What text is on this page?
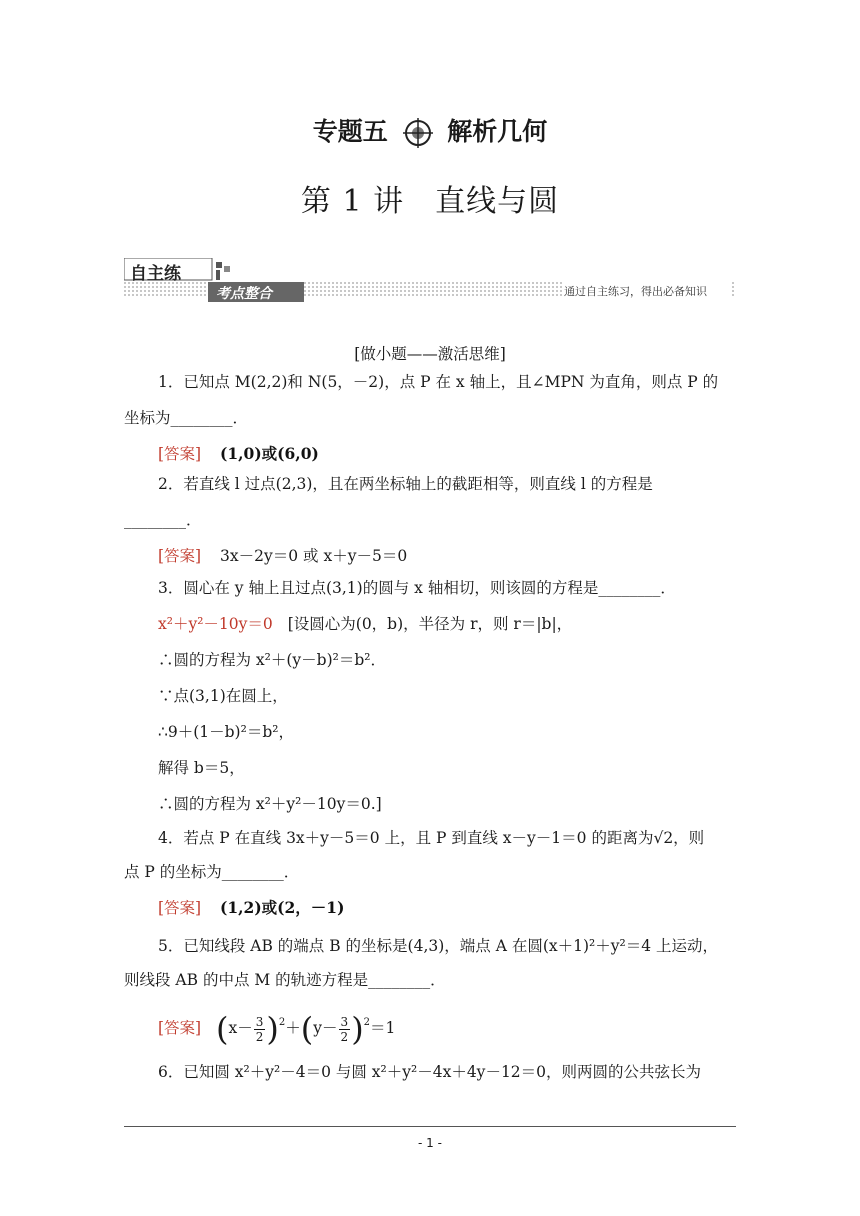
专题五 解析几何
第 1 讲　直线与圆
自主练
考点整合	通过自主练习，得出必备知识
[做小题——激活思维]
1．已知点 M(2,2)和 N(5，－2)，点 P 在 x 轴上，且∠MPN 为直角，则点 P 的
坐标为________．
[答案] (1,0)或(6,0)
2．若直线 l 过点(2,3)，且在两坐标轴上的截距相等，则直线 l 的方程是
________．
[答案] 3x－2y＝0 或 x＋y－5＝0
3．圆心在 y 轴上且过点(3,1)的圆与 x 轴相切，则该圆的方程是________．
x²＋y²－10y＝0 [设圆心为(0，b)，半径为 r，则 r＝|b|，
∴圆的方程为 x²＋(y－b)²＝b²．
∵点(3,1)在圆上，
∴9＋(1－b)²＝b²，
解得 b＝5，
∴圆的方程为 x²＋y²－10y＝0.]
4．若点 P 在直线 3x＋y－5＝0 上，且 P 到直线 x－y－1＝0 的距离为√2，则
点 P 的坐标为________．
[答案] (1,2)或(2，－1)
5．已知线段 AB 的端点 B 的坐标是(4,3)，端点 A 在圆(x＋1)²＋y²＝4 上运动，
则线段 AB 的中点 M 的轨迹方程是________．
[答案] $(x- \frac{3}{2} )^2+(y- \frac{3}{2} )^2=1$
6．已知圆 x²＋y²－4＝0 与圆 x²＋y²－4x＋4y－12＝0，则两圆的公共弦长为
- 1 -
